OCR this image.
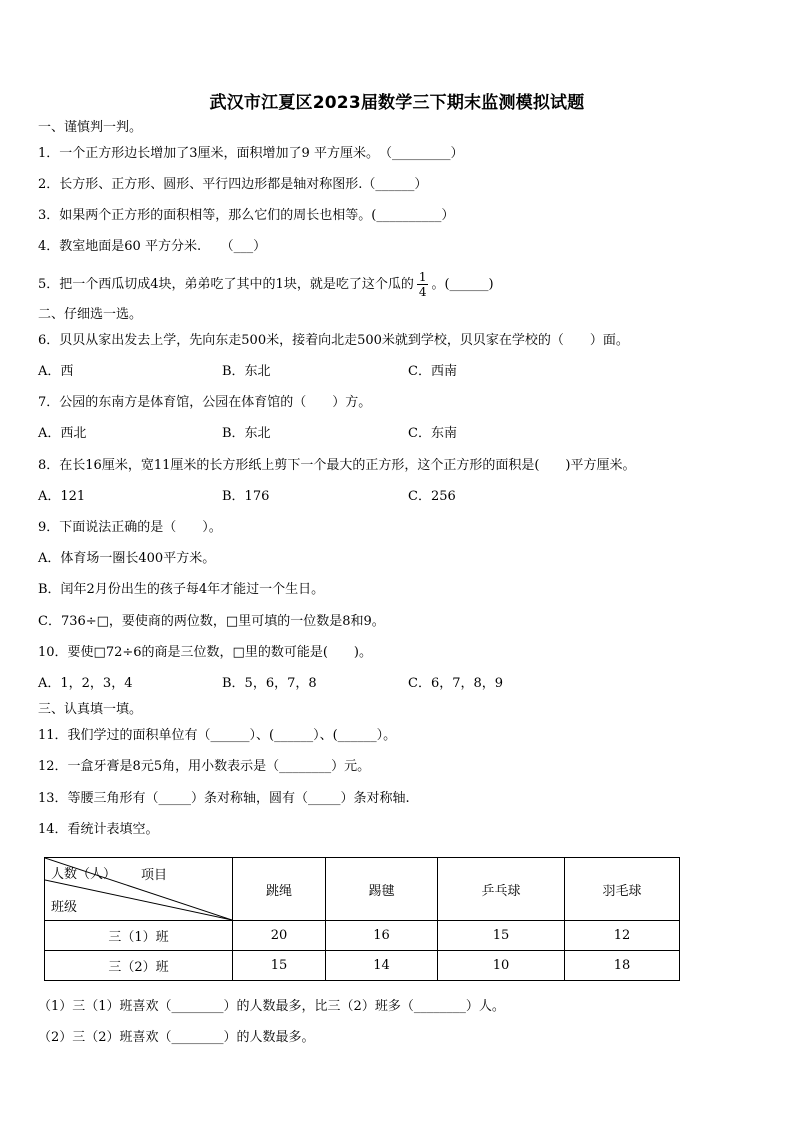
武汉市江夏区2023届数学三下期末监测模拟试题
一、谨慎判一判。
1．一个正方形边长增加了3厘米，面积增加了9 平方厘米。　（_________）
2．长方形、正方形、圆形、平行四边形都是轴对称图形.（______）
3．如果两个正方形的面积相等，那么它们的周长也相等。(__________）
4．教室地面是60 平方分米.　　（___）
5．把一个西瓜切成4块，弟弟吃了其中的1块，就是吃了这个瓜的 $\frac{1}{4}$ 。(______)
二、仔细选一选。
6．贝贝从家出发去上学，先向东走500米，接着向北走500米就到学校，贝贝家在学校的（　　）面。
A．西	B．东北	C．西南
7．公园的东南方是体育馆，公园在体育馆的（　　）方。
A．西北	B．东北	C．东南
8．在长16厘米，宽11厘米的长方形纸上剪下一个最大的正方形，这个正方形的面积是(　　)平方厘米。
A．121	B．176	C．256
9．下面说法正确的是（　　）。
A．体育场一圈长400平方米。
B．闰年2月份出生的孩子每4年才能过一个生日。
C．736÷□，要使商的两位数，□里可填的一位数是8和9。
10．要使□72÷6的商是三位数，□里的数可能是(　　)。
A．1，2，3，4	B．5，6，7，8	C．6，7，8，9
三、认真填一填。
11．我们学过的面积单位有（______）、(______）、(______）。
12．一盒牙膏是8元5角，用小数表示是（________）元。
13．等腰三角形有（_____）条对称轴，圆有（_____）条对称轴.
14．看统计表填空。
人数（人） 项目
班级	跳绳	踢毽	乒乓球	羽毛球
三（1）班	20	16	15	12
三（2）班	15	14	10	18
（1）三（1）班喜欢（________）的人数最多，比三（2）班多（________）人。
（2）三（2）班喜欢（________）的人数最多。
